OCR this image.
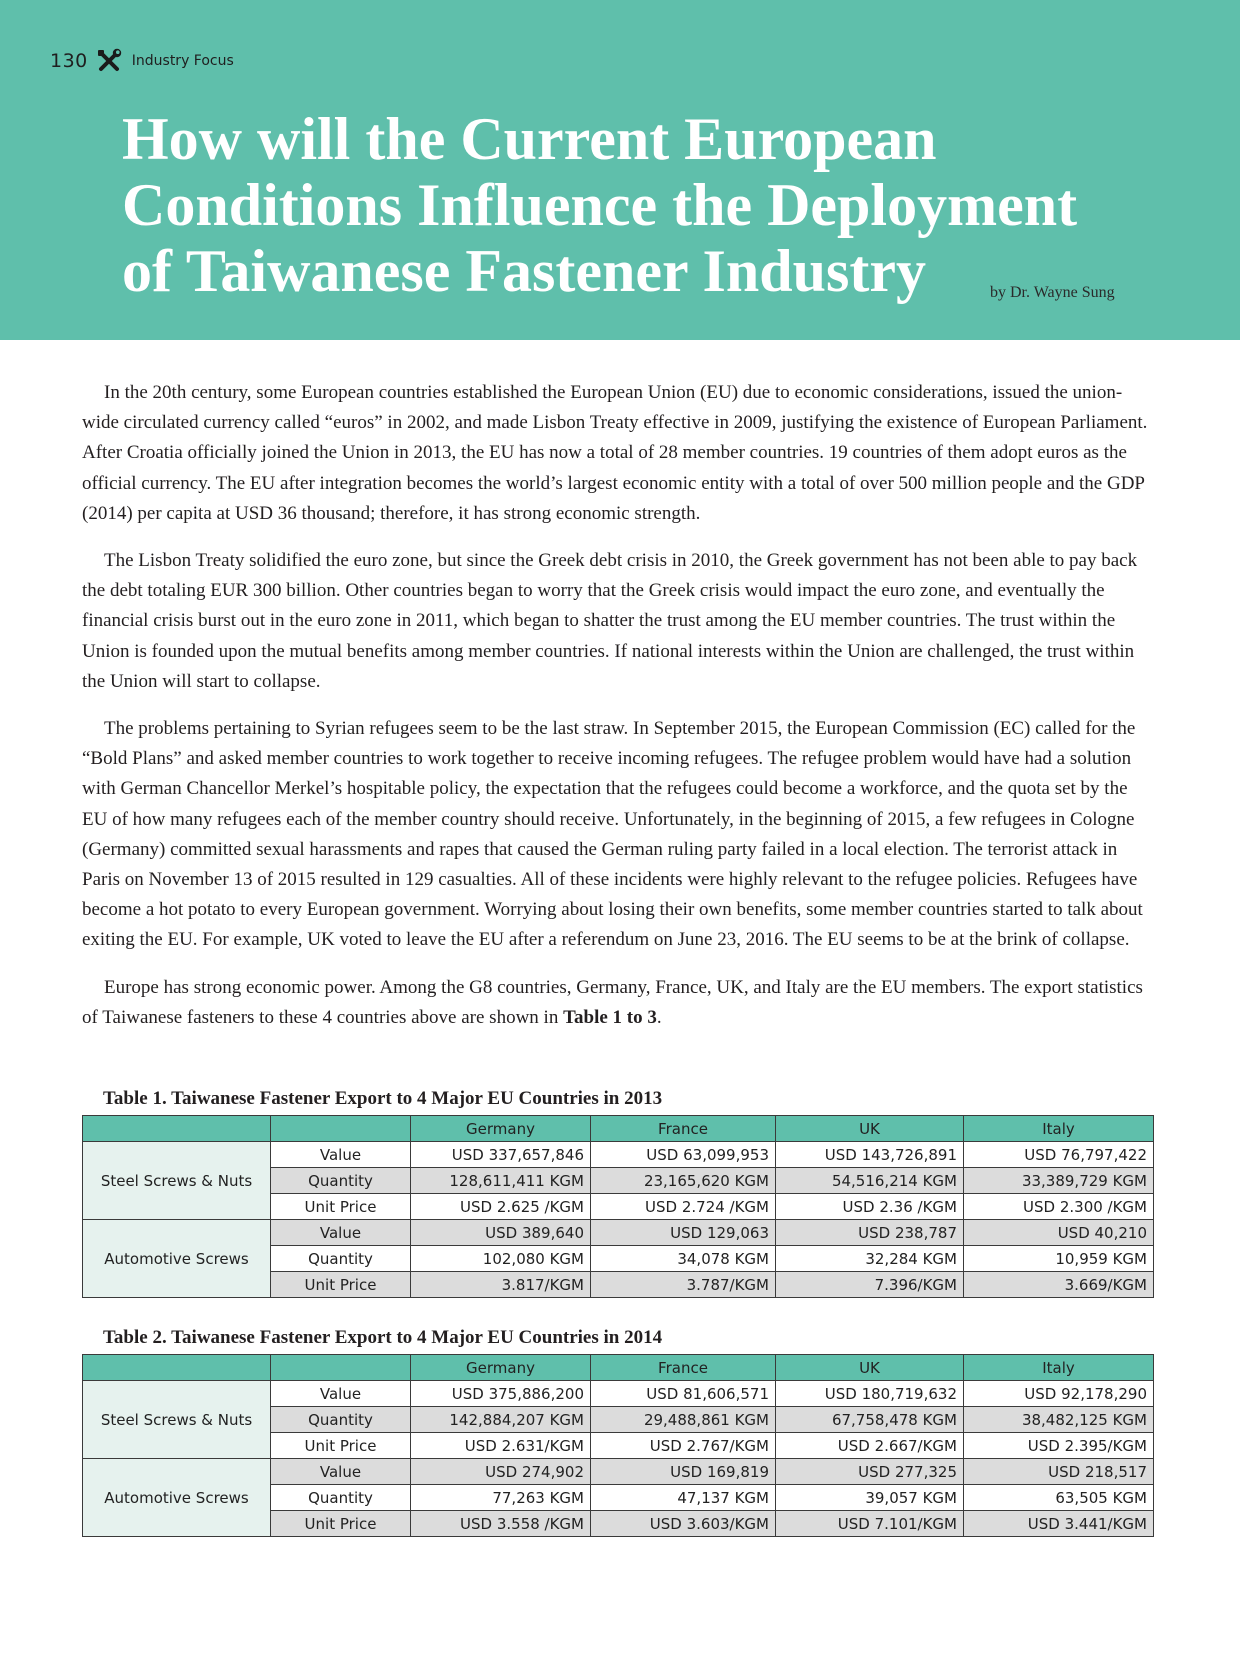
130	Industry Focus
How will the Current European
Conditions Influence the Deployment
of Taiwanese Fastener Industry	by Dr. Wayne Sung

In the 20th century, some European countries established the European Union (EU) due to economic considerations, issued the union-wide circulated currency called “euros” in 2002, and made Lisbon Treaty effective in 2009, justifying the existence of European Parliament. After Croatia officially joined the Union in 2013, the EU has now a total of 28 member countries. 19 countries of them adopt euros as the official currency. The EU after integration becomes the world’s largest economic entity with a total of over 500 million people and the GDP (2014) per capita at USD 36 thousand; therefore, it has strong economic strength.

The Lisbon Treaty solidified the euro zone, but since the Greek debt crisis in 2010, the Greek government has not been able to pay back the debt totaling EUR 300 billion. Other countries began to worry that the Greek crisis would impact the euro zone, and eventually the financial crisis burst out in the euro zone in 2011, which began to shatter the trust among the EU member countries. The trust within the Union is founded upon the mutual benefits among member countries. If national interests within the Union are challenged, the trust within the Union will start to collapse.

The problems pertaining to Syrian refugees seem to be the last straw. In September 2015, the European Commission (EC) called for the “Bold Plans” and asked member countries to work together to receive incoming refugees. The refugee problem would have had a solution with German Chancellor Merkel’s hospitable policy, the expectation that the refugees could become a workforce, and the quota set by the EU of how many refugees each of the member country should receive. Unfortunately, in the beginning of 2015, a few refugees in Cologne (Germany) committed sexual harassments and rapes that caused the German ruling party failed in a local election. The terrorist attack in Paris on November 13 of 2015 resulted in 129 casualties. All of these incidents were highly relevant to the refugee policies. Refugees have become a hot potato to every European government. Worrying about losing their own benefits, some member countries started to talk about exiting the EU. For example, UK voted to leave the EU after a referendum on June 23, 2016. The EU seems to be at the brink of collapse.

Europe has strong economic power. Among the G8 countries, Germany, France, UK, and Italy are the EU members. The export statistics of Taiwanese fasteners to these 4 countries above are shown in Table 1 to 3.

Table 1. Taiwanese Fastener Export to 4 Major EU Countries in 2013
		Germany	France	UK	Italy
Steel Screws & Nuts	Value	USD 337,657,846	USD 63,099,953	USD 143,726,891	USD 76,797,422
	Quantity	128,611,411 KGM	23,165,620 KGM	54,516,214 KGM	33,389,729 KGM
	Unit Price	USD 2.625 /KGM	USD 2.724 /KGM	USD 2.36 /KGM	USD 2.300 /KGM
Automotive Screws	Value	USD 389,640	USD 129,063	USD 238,787	USD 40,210
	Quantity	102,080 KGM	34,078 KGM	32,284 KGM	10,959 KGM
	Unit Price	3.817/KGM	3.787/KGM	7.396/KGM	3.669/KGM
Table 2. Taiwanese Fastener Export to 4 Major EU Countries in 2014
		Germany	France	UK	Italy
Steel Screws & Nuts	Value	USD 375,886,200	USD 81,606,571	USD 180,719,632	USD 92,178,290
	Quantity	142,884,207 KGM	29,488,861 KGM	67,758,478 KGM	38,482,125 KGM
	Unit Price	USD 2.631/KGM	USD 2.767/KGM	USD 2.667/KGM	USD 2.395/KGM
Automotive Screws	Value	USD 274,902	USD 169,819	USD 277,325	USD 218,517
	Quantity	77,263 KGM	47,137 KGM	39,057 KGM	63,505 KGM
	Unit Price	USD 3.558 /KGM	USD 3.603/KGM	USD 7.101/KGM	USD 3.441/KGM
